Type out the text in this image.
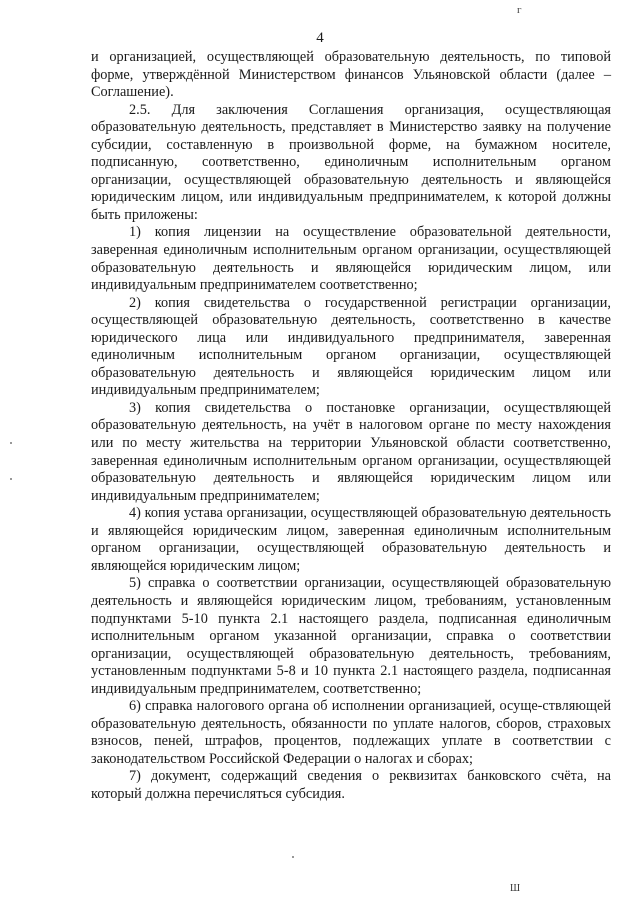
г
4

и организацией, осуществляющей образовательную деятельность, по типовой форме, утверждённой Министерством финансов Ульяновской области (далее – Соглашение).

2.5. Для заключения Соглашения организация, осуществляющая образовательную деятельность, представляет в Министерство заявку на получение субсидии, составленную в произвольной форме, на бумажном носителе, подписанную, соответственно, единоличным исполнительным органом организации, осуществляющей образовательную деятельность и являющейся юридическим лицом, или индивидуальным предпринимателем, к которой должны быть приложены:

1) копия лицензии на осуществление образовательной деятельности, заверенная единоличным исполнительным органом организации, осуществляющей образовательную деятельность и являющейся юридическим лицом, или индивидуальным предпринимателем соответственно;

2) копия свидетельства о государственной регистрации организации, осуществляющей образовательную деятельность, соответственно в качестве юридического лица или индивидуального предпринимателя, заверенная единоличным исполнительным органом организации, осуществляющей образовательную деятельность и являющейся юридическим лицом или индивидуальным предпринимателем;

3) копия свидетельства о постановке организации, осуществляющей образовательную деятельность, на учёт в налоговом органе по месту нахождения или по месту жительства на территории Ульяновской области соответственно, заверенная единоличным исполнительным органом организации, осуществляющей образовательную деятельность и являющейся юридическим лицом или индивидуальным предпринимателем;

4) копия устава организации, осуществляющей образовательную деятельность и являющейся юридическим лицом, заверенная единоличным исполнительным органом организации, осуществляющей образовательную деятельность и являющейся юридическим лицом;

5) справка о соответствии организации, осуществляющей образовательную деятельность и являющейся юридическим лицом, требованиям, установленным подпунктами 5-10 пункта 2.1 настоящего раздела, подписанная единоличным исполнительным органом указанной организации, справка о соответствии организации, осуществляющей образовательную деятельность, требованиям, установленным подпунктами 5-8 и 10 пункта 2.1 настоящего раздела, подписанная индивидуальным предпринимателем, соответственно;

6) справка налогового органа об исполнении организацией, осуще-ствляющей образовательную деятельность, обязанности по уплате налогов, сборов, страховых взносов, пеней, штрафов, процентов, подлежащих уплате в соответствии с законодательством Российской Федерации о налогах и сборах;

7) документ, содержащий сведения о реквизитах банковского счёта, на который должна перечисляться субсидия.

Ш
